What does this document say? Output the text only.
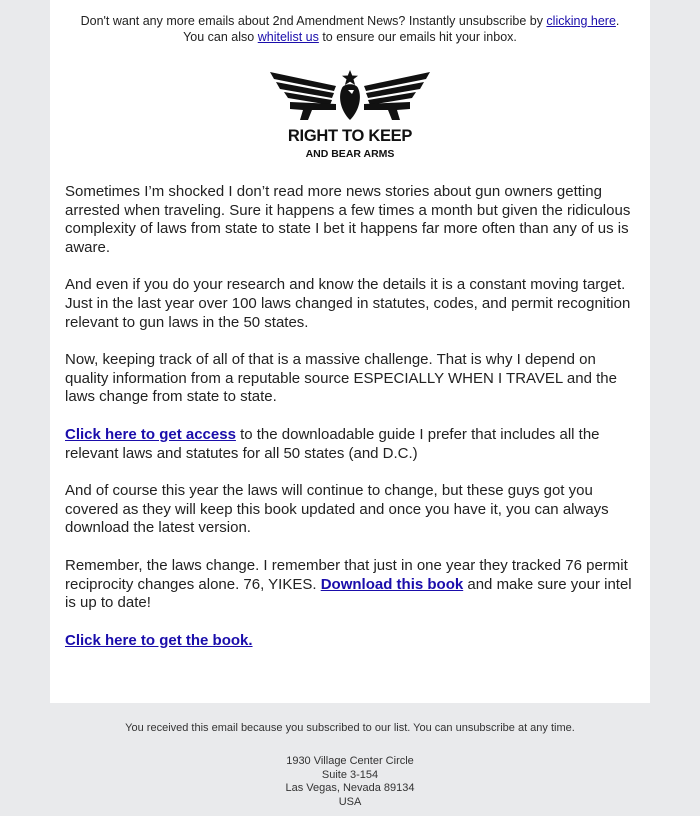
Don't want any more emails about 2nd Amendment News? Instantly unsubscribe by clicking here.
You can also whitelist us to ensure our emails hit your inbox.
RIGHT TO KEEP
AND BEAR ARMS

Sometimes I’m shocked I don’t read more news stories about gun owners getting arrested when traveling. Sure it happens a few times a month but given the ridiculous complexity of laws from state to state I bet it happens far more often than any of us is aware.

And even if you do your research and know the details it is a constant moving target. Just in the last year over 100 laws changed in statutes, codes, and permit recognition relevant to gun laws in the 50 states.

Now, keeping track of all of that is a massive challenge. That is why I depend on quality information from a reputable source ESPECIALLY WHEN I TRAVEL and the laws change from state to state.

Click here to get access to the downloadable guide I prefer that includes all the relevant laws and statutes for all 50 states (and D.C.)

And of course this year the laws will continue to change, but these guys got you covered as they will keep this book updated and once you have it, you can always download the latest version.

Remember, the laws change. I remember that just in one year they tracked 76 permit reciprocity changes alone. 76, YIKES. Download this book and make sure your intel is up to date!

Click here to get the book.

You received this email because you subscribed to our list. You can unsubscribe at any time.
1930 Village Center Circle
Suite 3-154
Las Vegas, Nevada 89134
USA
